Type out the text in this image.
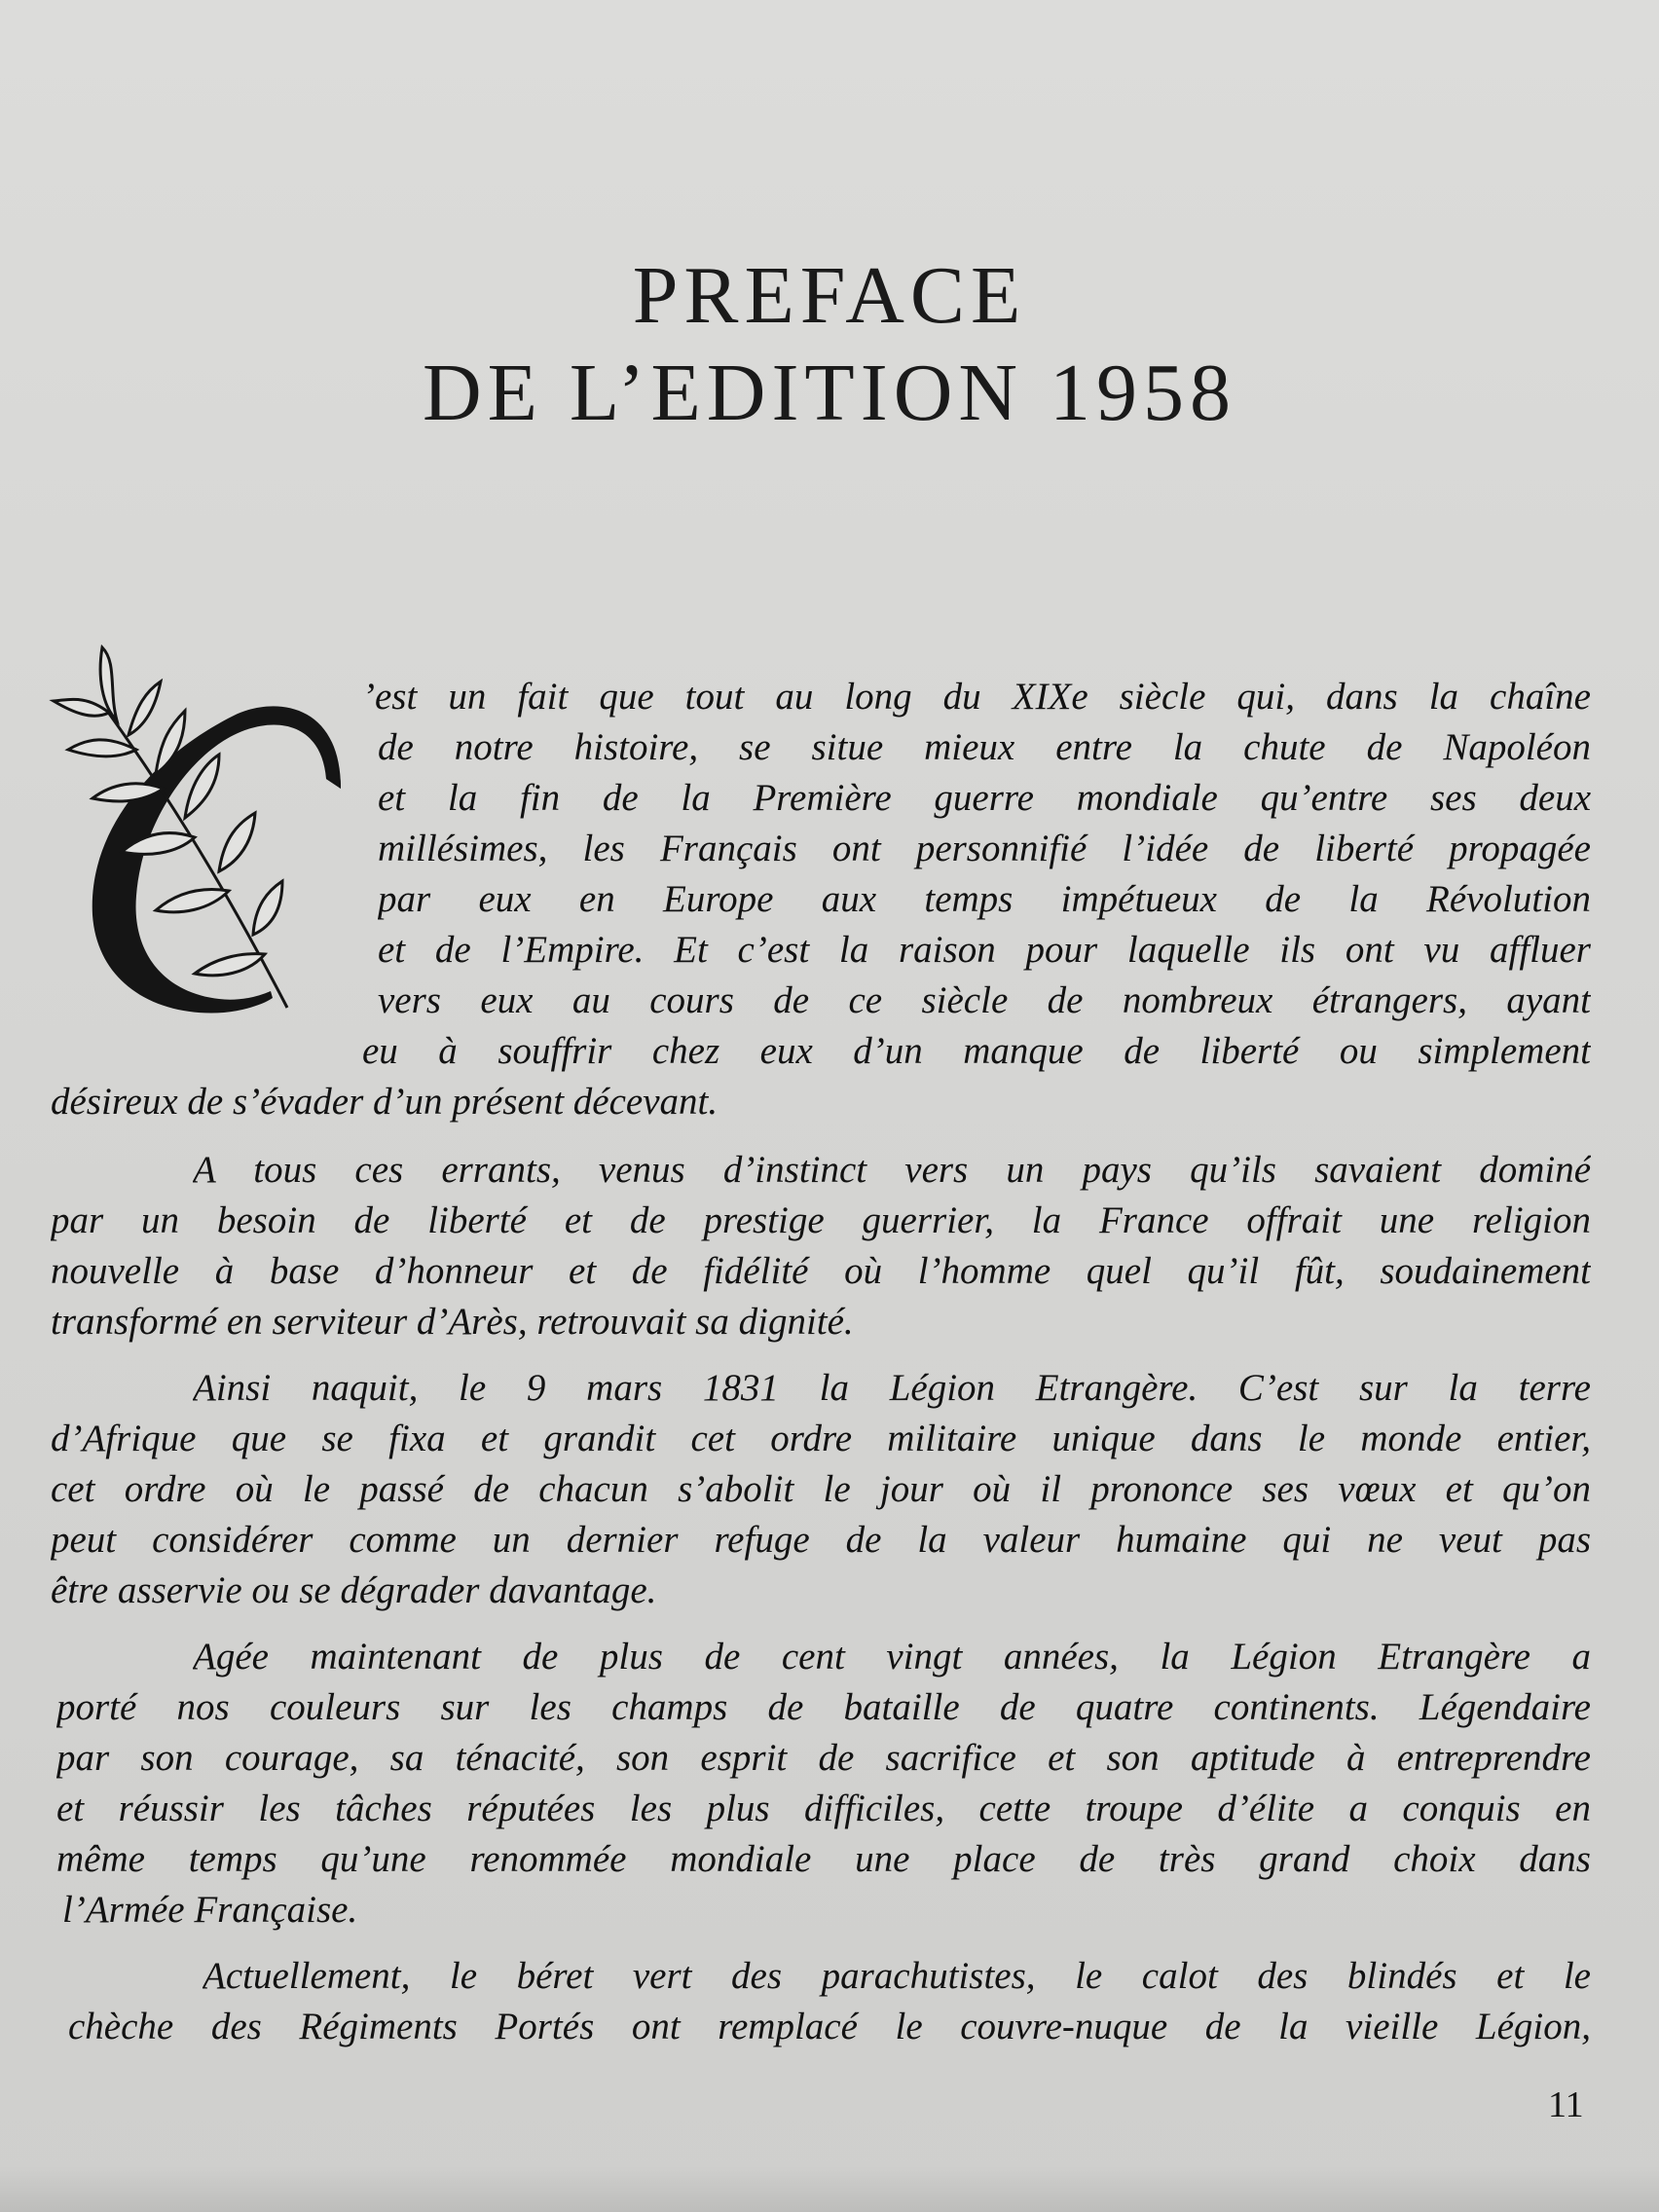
PREFACE
DE L’EDITION 1958
’est un fait que tout au long du XIXe siècle qui, dans la chaîne
de notre histoire, se situe mieux entre la chute de Napoléon
et la fin de la Première guerre mondiale qu’entre ses deux
millésimes, les Français ont personnifié l’idée de liberté propagée
par eux en Europe aux temps impétueux de la Révolution
et de l’Empire. Et c’est la raison pour laquelle ils ont vu affluer
vers eux au cours de ce siècle de nombreux étrangers, ayant
eu à souffrir chez eux d’un manque de liberté ou simplement
désireux de s’évader d’un présent décevant.
A tous ces errants, venus d’instinct vers un pays qu’ils savaient dominé
par un besoin de liberté et de prestige guerrier, la France offrait une religion
nouvelle à base d’honneur et de fidélité où l’homme quel qu’il fût, soudainement
transformé en serviteur d’Arès, retrouvait sa dignité.
Ainsi naquit, le 9 mars 1831 la Légion Etrangère. C’est sur la terre
d’Afrique que se fixa et grandit cet ordre militaire unique dans le monde entier,
cet ordre où le passé de chacun s’abolit le jour où il prononce ses vœux et qu’on
peut considérer comme un dernier refuge de la valeur humaine qui ne veut pas
être asservie ou se dégrader davantage.
Agée maintenant de plus de cent vingt années, la Légion Etrangère a
porté nos couleurs sur les champs de bataille de quatre continents. Légendaire
par son courage, sa ténacité, son esprit de sacrifice et son aptitude à entreprendre
et réussir les tâches réputées les plus difficiles, cette troupe d’élite a conquis en
même temps qu’une renommée mondiale une place de très grand choix dans
l’Armée Française.
Actuellement, le béret vert des parachutistes, le calot des blindés et le
chèche des Régiments Portés ont remplacé le couvre-nuque de la vieille Légion,
11
